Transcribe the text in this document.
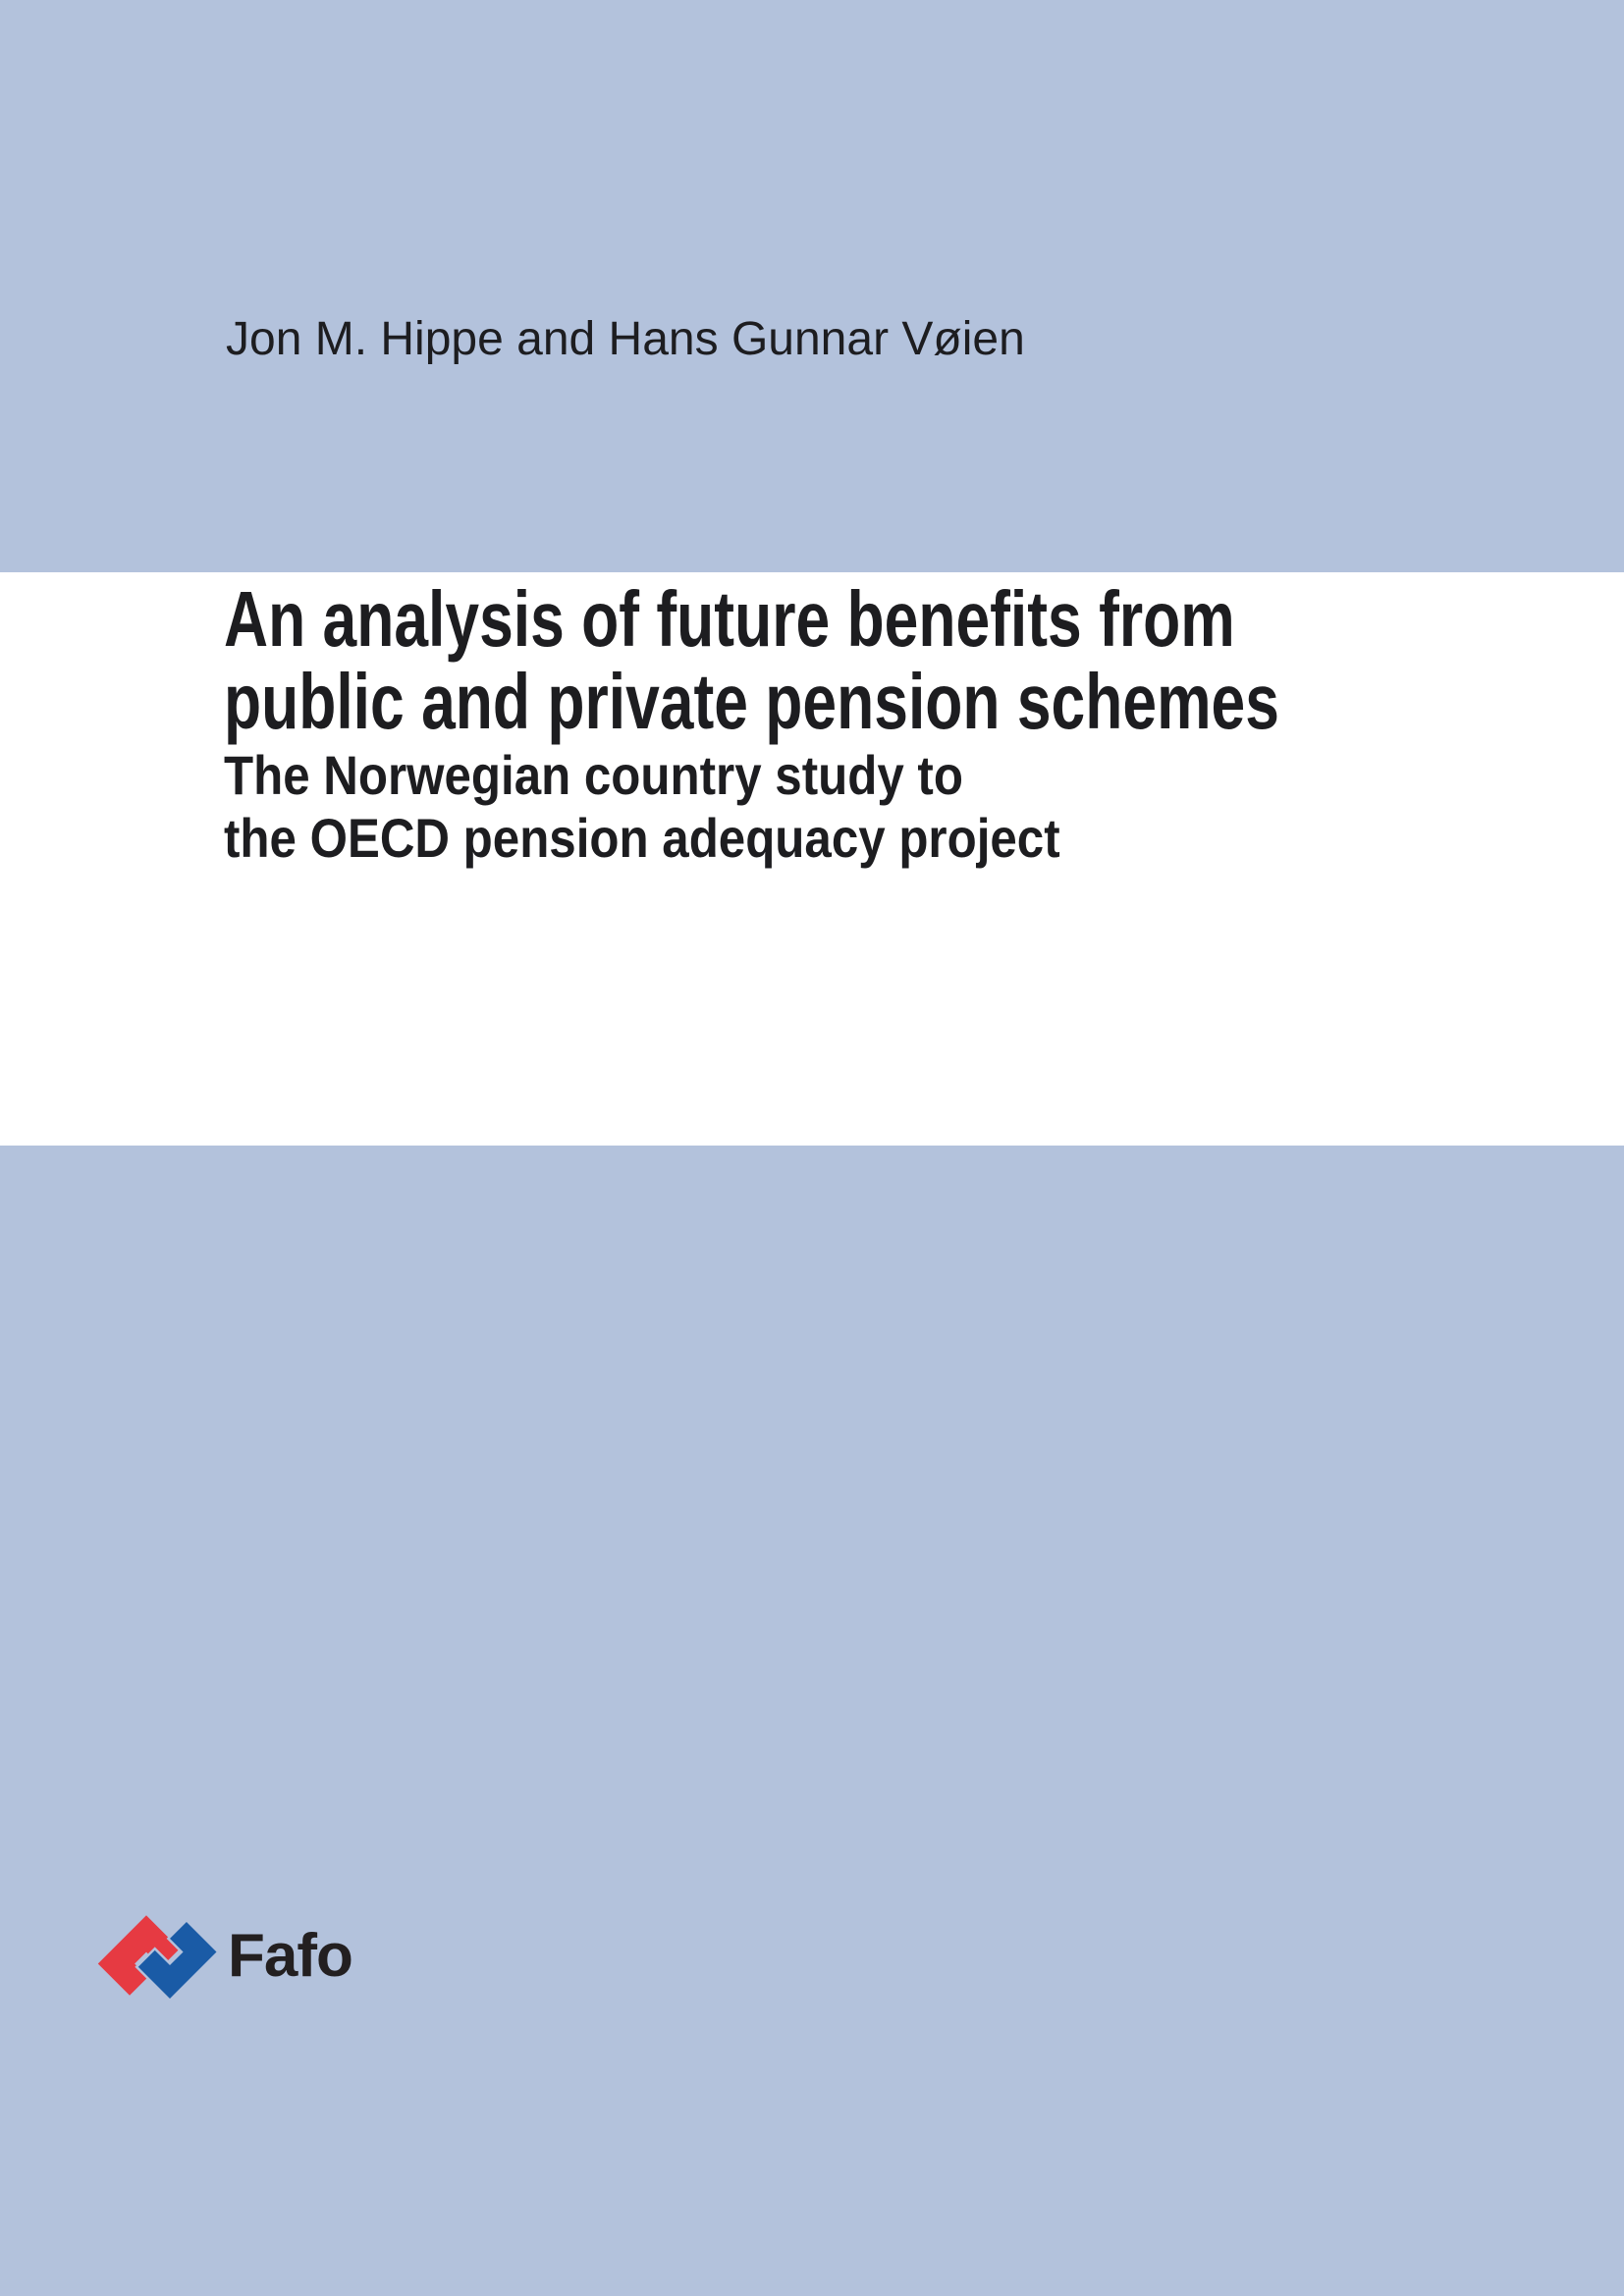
Jon M. Hippe and Hans Gunnar Vøien
An analysis of future benefits from
public and private pension schemes
The Norwegian country study to
the OECD pension adequacy project
Fafo
